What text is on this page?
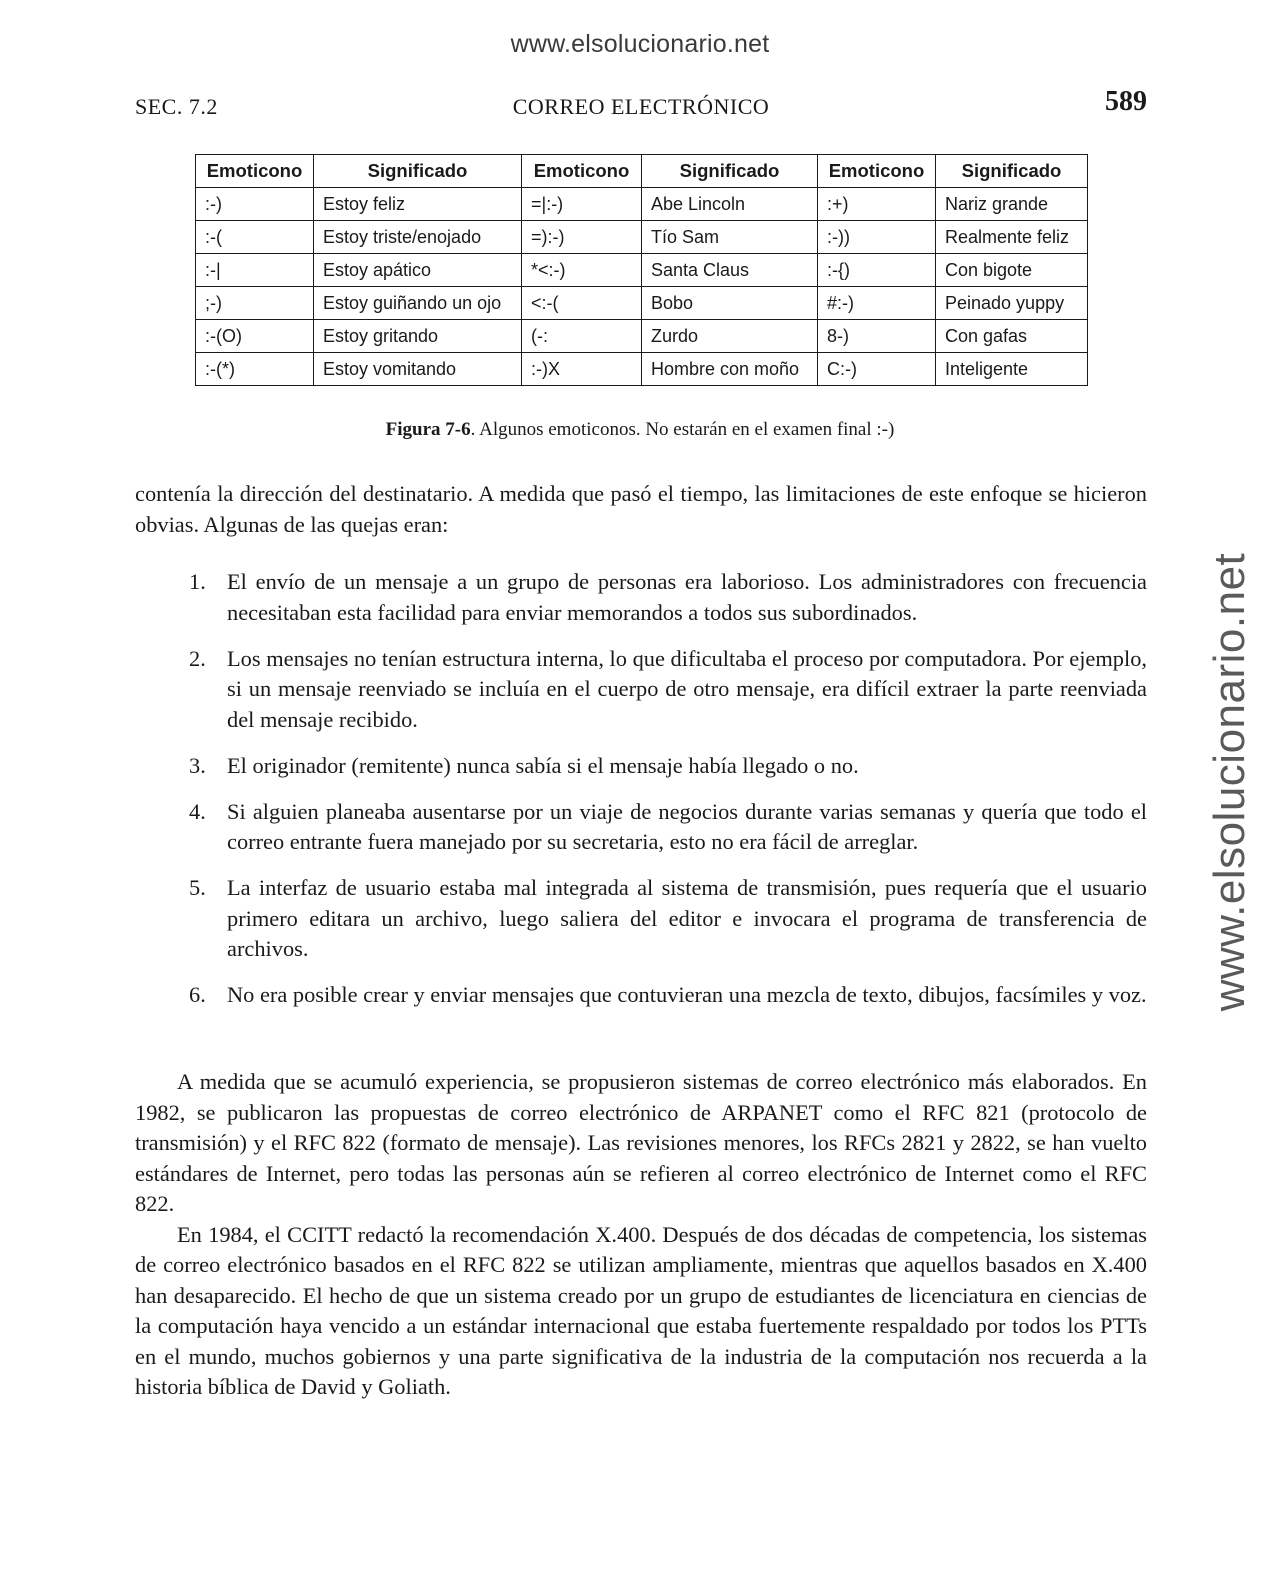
www.elsolucionario.net
www.elsolucionario.net
SEC. 7.2	CORREO ELECTRÓNICO	589
Emoticono	Significado	Emoticono	Significado	Emoticono	Significado
:-)	Estoy feliz	=|:-)	Abe Lincoln	:+)	Nariz grande
:-(	Estoy triste/enojado	=):-)	Tío Sam	:-))	Realmente feliz
:-|	Estoy apático	*<:-)	Santa Claus	:-{)	Con bigote
;-)	Estoy guiñando un ojo	<:-(	Bobo	#:-)	Peinado yuppy
:-(O)	Estoy gritando	(-:	Zurdo	8-)	Con gafas
:-(*)	Estoy vomitando	:-)X	Hombre con moño	C:-)	Inteligente
Figura 7-6. Algunos emoticonos. No estarán en el examen final :-)

contenía la dirección del destinatario. A medida que pasó el tiempo, las limitaciones de este enfoque se hicieron obvias. Algunas de las quejas eran:

1. El envío de un mensaje a un grupo de personas era laborioso. Los administradores con frecuencia necesitaban esta facilidad para enviar memorandos a todos sus subordinados.
2. Los mensajes no tenían estructura interna, lo que dificultaba el proceso por computadora. Por ejemplo, si un mensaje reenviado se incluía en el cuerpo de otro mensaje, era difícil extraer la parte reenviada del mensaje recibido.
3. El originador (remitente) nunca sabía si el mensaje había llegado o no.
4. Si alguien planeaba ausentarse por un viaje de negocios durante varias semanas y quería que todo el correo entrante fuera manejado por su secretaria, esto no era fácil de arreglar.
5. La interfaz de usuario estaba mal integrada al sistema de transmisión, pues requería que el usuario primero editara un archivo, luego saliera del editor e invocara el programa de transferencia de archivos.
6. No era posible crear y enviar mensajes que contuvieran una mezcla de texto, dibujos, facsímiles y voz.

A medida que se acumuló experiencia, se propusieron sistemas de correo electrónico más elaborados. En 1982, se publicaron las propuestas de correo electrónico de ARPANET como el RFC 821 (protocolo de transmisión) y el RFC 822 (formato de mensaje). Las revisiones menores, los RFCs 2821 y 2822, se han vuelto estándares de Internet, pero todas las personas aún se refieren al correo electrónico de Internet como el RFC 822.

En 1984, el CCITT redactó la recomendación X.400. Después de dos décadas de competencia, los sistemas de correo electrónico basados en el RFC 822 se utilizan ampliamente, mientras que aquellos basados en X.400 han desaparecido. El hecho de que un sistema creado por un grupo de estudiantes de licenciatura en ciencias de la computación haya vencido a un estándar internacional que estaba fuertemente respaldado por todos los PTTs en el mundo, muchos gobiernos y una parte significativa de la industria de la computación nos recuerda a la historia bíblica de David y Goliath.
